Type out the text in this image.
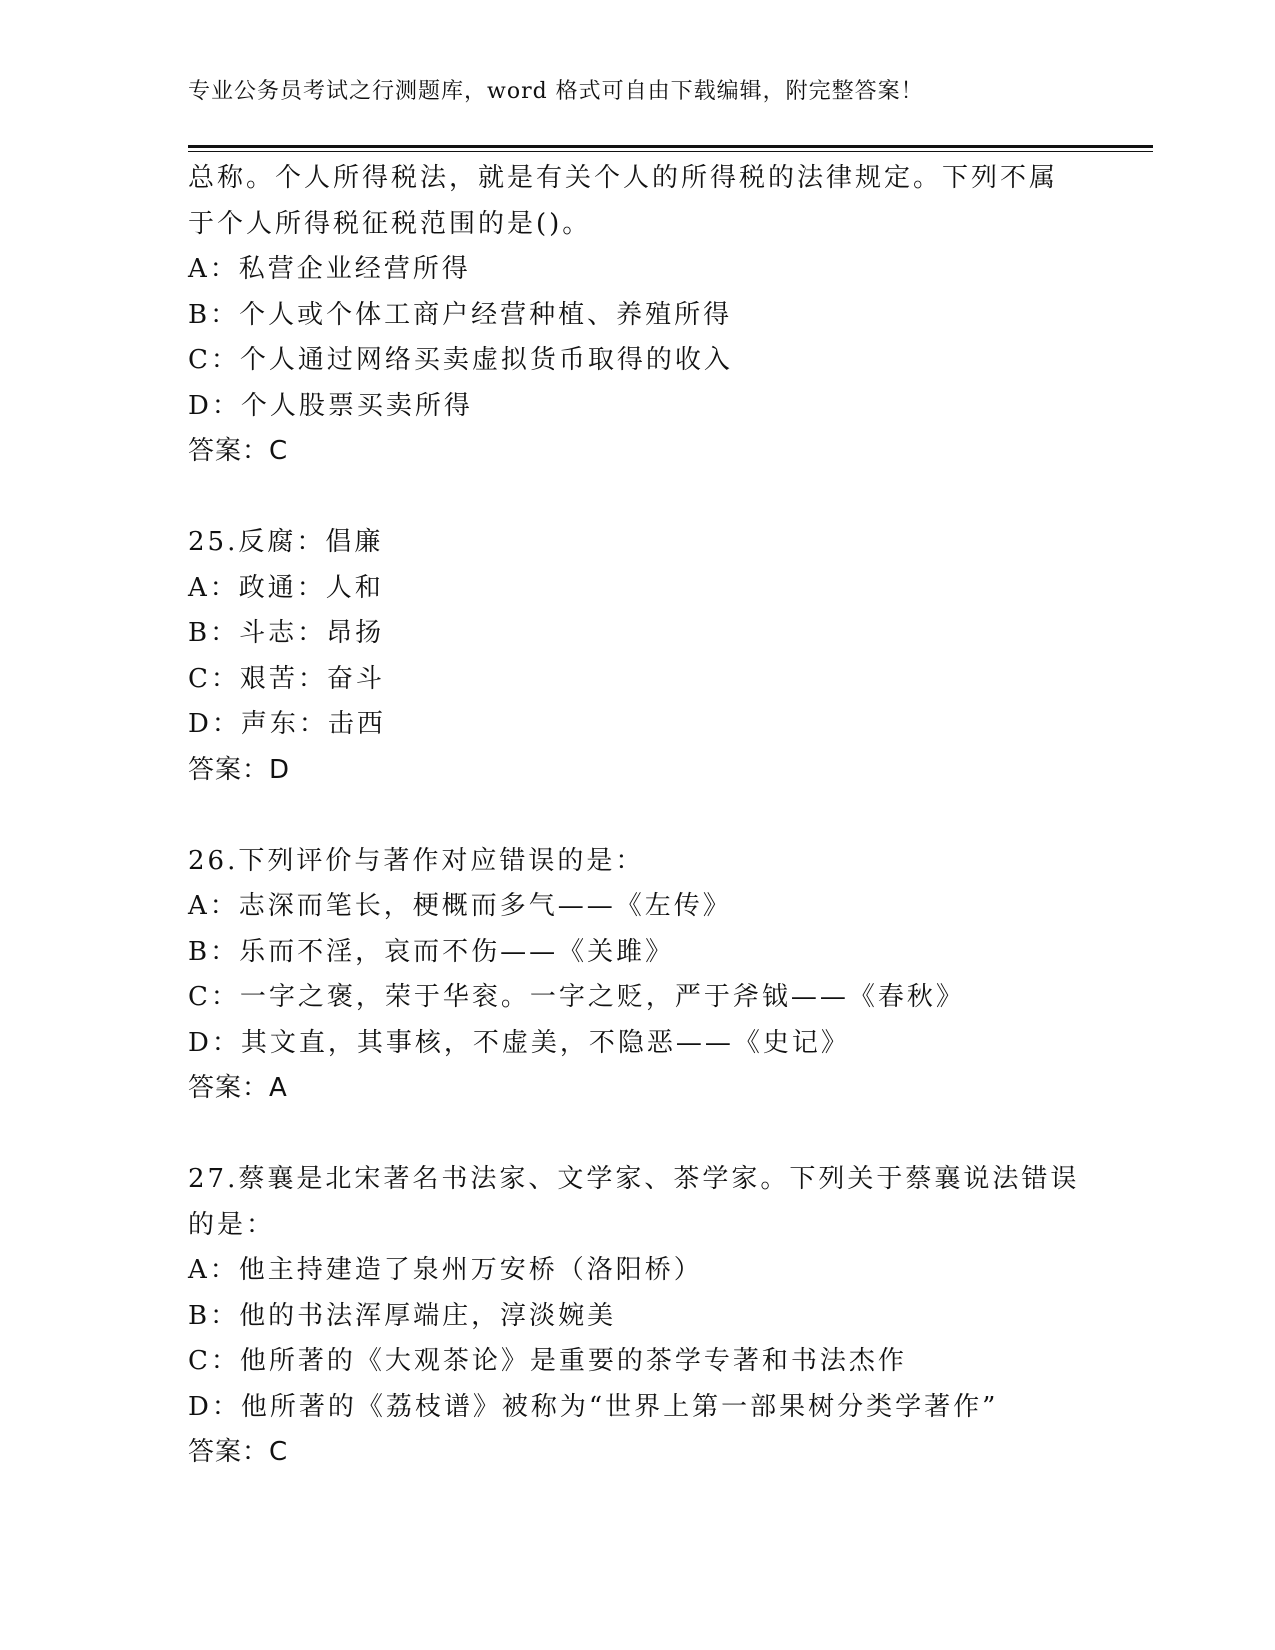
专业公务员考试之行测题库，word 格式可自由下载编辑，附完整答案！
总称。个人所得税法，就是有关个人的所得税的法律规定。下列不属
于个人所得税征税范围的是()。
A：私营企业经营所得
B：个人或个体工商户经营种植、养殖所得
C：个人通过网络买卖虚拟货币取得的收入
D：个人股票买卖所得
答案：C
25.反腐：倡廉
A：政通：人和
B：斗志：昂扬
C：艰苦：奋斗
D：声东：击西
答案：D
26.下列评价与著作对应错误的是：
A：志深而笔长，梗概而多气——《左传》
B：乐而不淫，哀而不伤——《关雎》
C：一字之褒，荣于华衮。一字之贬，严于斧钺——《春秋》
D：其文直，其事核，不虚美，不隐恶——《史记》
答案：A
27.蔡襄是北宋著名书法家、文学家、茶学家。下列关于蔡襄说法错误
的是：
A：他主持建造了泉州万安桥（洛阳桥）
B：他的书法浑厚端庄，淳淡婉美
C：他所著的《大观茶论》是重要的茶学专著和书法杰作
D：他所著的《荔枝谱》被称为“世界上第一部果树分类学著作”
答案：C
